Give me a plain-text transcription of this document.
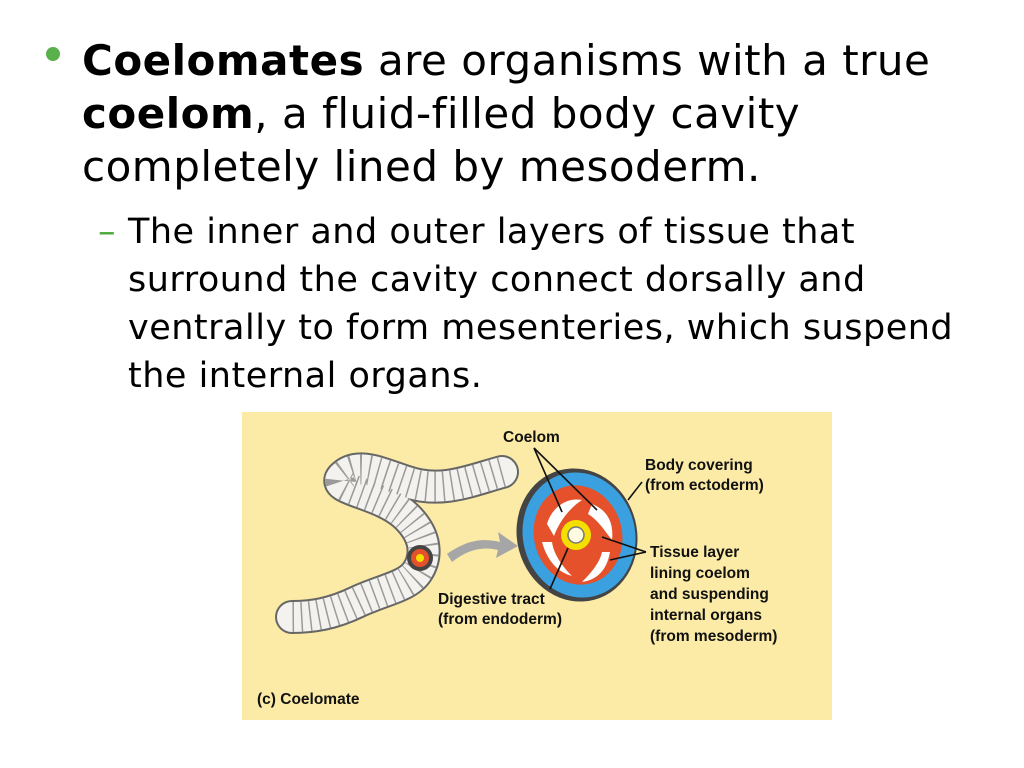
Coelomates are organisms with a true coelom, a fluid-filled body cavity completely lined by mesoderm.
– The inner and outer layers of tissue that surround the cavity connect dorsally and ventrally to form mesenteries, which suspend the internal organs.
Coelom
Body covering
(from ectoderm)
Tissue layer
lining coelom
and suspending
internal organs
(from mesoderm)
Digestive tract
(from endoderm)
(c) Coelomate
